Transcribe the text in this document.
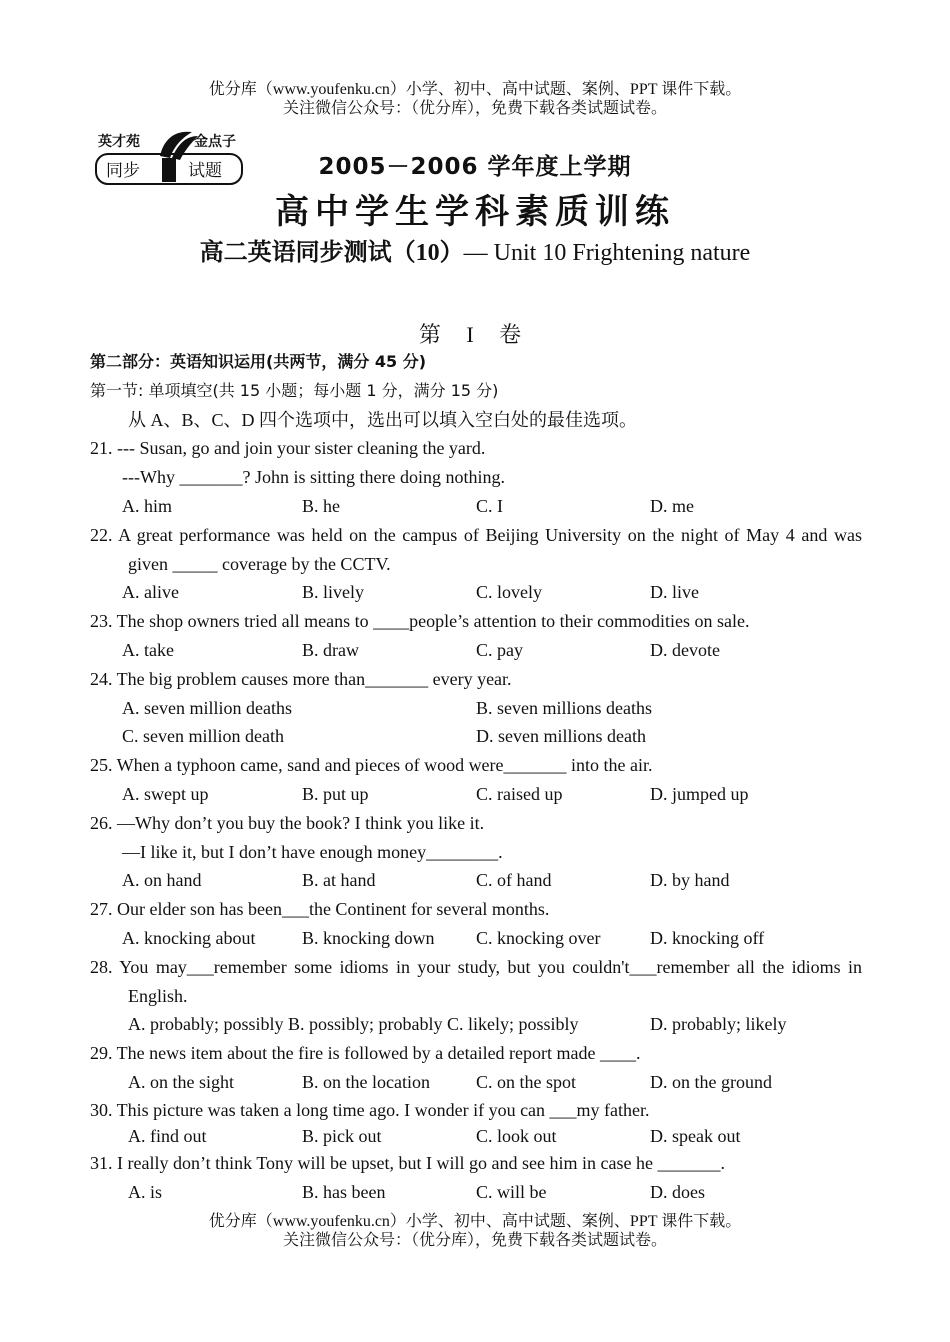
优分库（www.youfenku.cn）小学、初中、高中试题、案例、PPT 课件下载。
关注微信公众号：（优分库），免费下载各类试题试卷。
英才苑	金点子
同步	试题	2005－2006 学年度上学期
高中学生学科素质训练
高二英语同步测试（10）— Unit 10 Frightening nature
第 I 卷
第二部分：英语知识运用(共两节，满分 45 分)
第一节: 单项填空(共 15 小题；每小题 1 分，满分 15 分)
从 A、B、C、D 四个选项中，选出可以填入空白处的最佳选项。
21. --- Susan, go and join your sister cleaning the yard.
---Why _______? John is sitting there doing nothing.
A. him	B. he	C. I	D. me
22. A great performance was held on the campus of Beijing University on the night of May 4 and was given _____ coverage by the CCTV.
A. alive	B. lively	C. lovely	D. live
23. The shop owners tried all means to ____people’s attention to their commodities on sale.
A. take	B. draw	C. pay	D. devote
24. The big problem causes more than_______ every year.
A. seven million deaths	B. seven millions deaths
C. seven million death	D. seven millions death
25. When a typhoon came, sand and pieces of wood were_______ into the air.
A. swept up	B. put up	C. raised up	D. jumped up
26. —Why don’t you buy the book? I think you like it.
—I like it, but I don’t have enough money________.
A. on hand	B. at hand	C. of hand	D. by hand
27. Our elder son has been___the Continent for several months.
A. knocking about	B. knocking down C. knocking over	D. knocking off
28. You may___remember some idioms in your study, but you couldn't___remember all the idioms in English.
A. probably; possibly B. possibly; probably C. likely; possibly	D. probably; likely
29. The news item about the fire is followed by a detailed report made ____.
A. on the sight	B. on the location	C. on the spot	D. on the ground
30. This picture was taken a long time ago. I wonder if you can ___my father.
A. find out	B. pick out	C. look out	D. speak out
31. I really don’t think Tony will be upset, but I will go and see him in case he _______.
A. is	B. has been	C. will be	D. does
优分库（www.youfenku.cn）小学、初中、高中试题、案例、PPT 课件下载。
关注微信公众号：（优分库），免费下载各类试题试卷。
